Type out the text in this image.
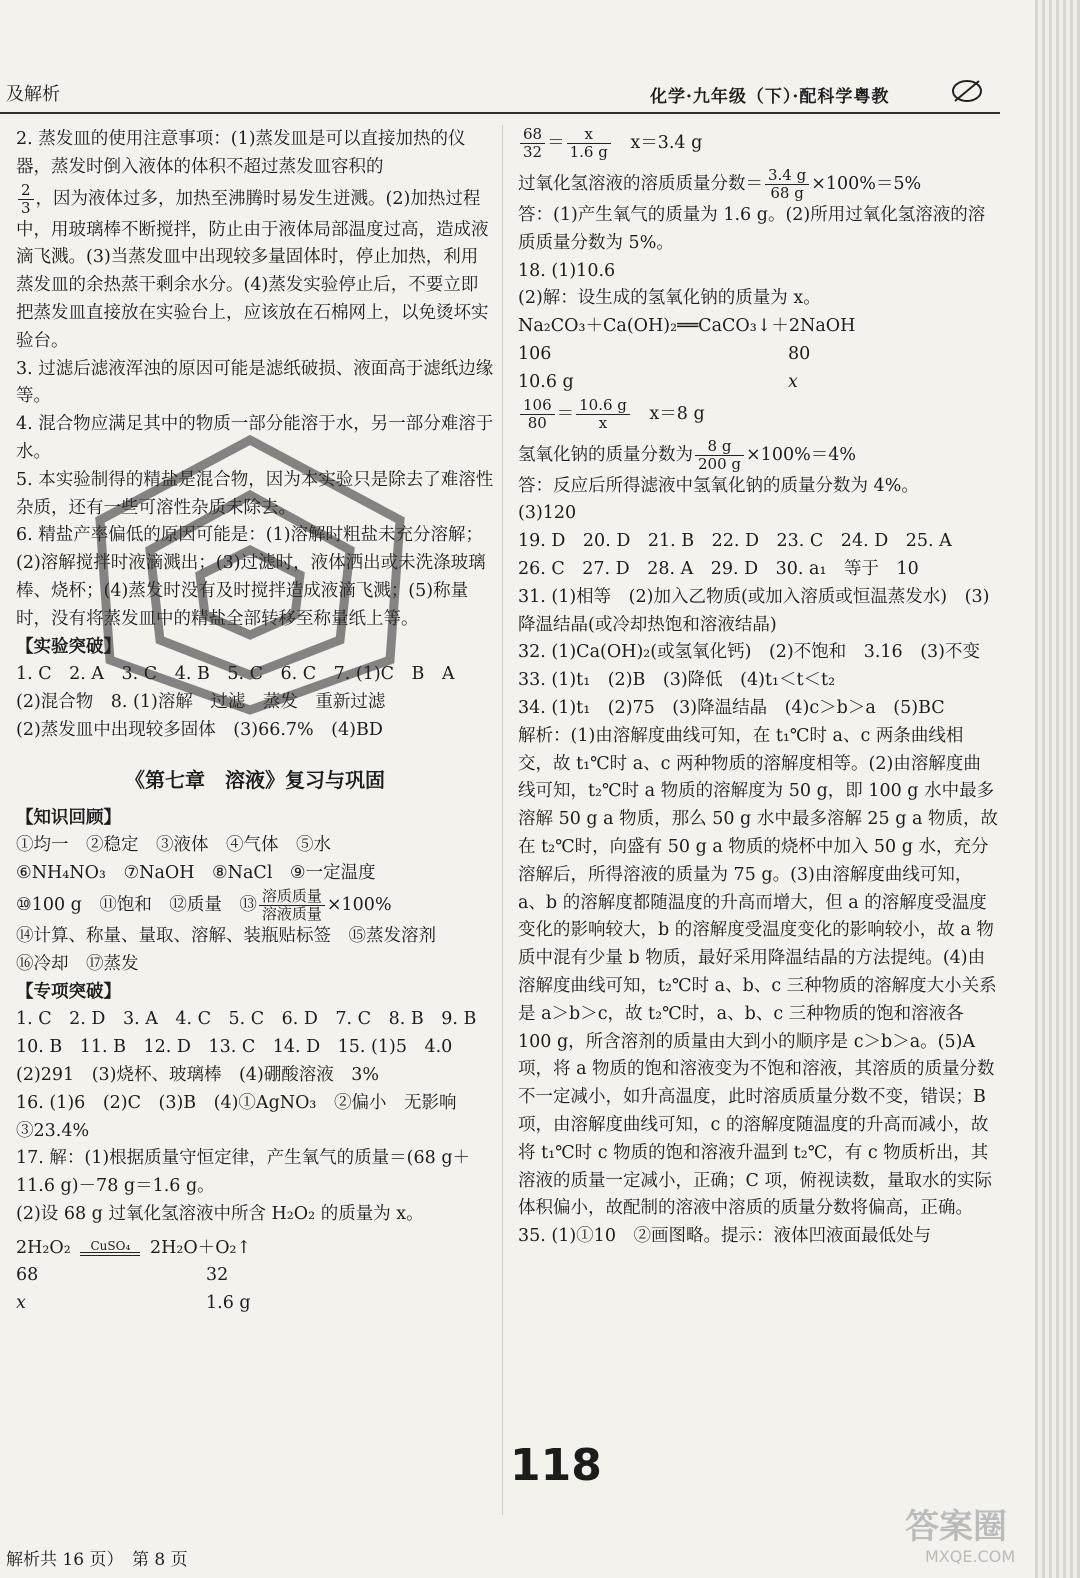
及解析	化学·九年级（下）·配科学粤教

2. 蒸发皿的使用注意事项：(1)蒸发皿是可以直接加热的仪器，蒸发时倒入液体的体积不超过蒸发皿容积的

$\frac{2}{3}$ ，因为液体过多，加热至沸腾时易发生迸溅。(2)加热过程中，用玻璃棒不断搅拌，防止由于液体局部温度过高，造成液滴飞溅。(3)当蒸发皿中出现较多量固体时，停止加热，利用蒸发皿的余热蒸干剩余水分。(4)蒸发实验停止后，不要立即把蒸发皿直接放在实验台上，应该放在石棉网上，以免烫坏实验台。

3. 过滤后滤液浑浊的原因可能是滤纸破损、液面高于滤纸边缘等。

4. 混合物应满足其中的物质一部分能溶于水，另一部分难溶于水。

5. 本实验制得的精盐是混合物，因为本实验只是除去了难溶性杂质，还有一些可溶性杂质未除去。

6. 精盐产率偏低的原因可能是：(1)溶解时粗盐未充分溶解；(2)溶解搅拌时液滴溅出；(3)过滤时，液体洒出或未洗涤玻璃棒、烧杯；(4)蒸发时没有及时搅拌造成液滴飞溅；(5)称量时，没有将蒸发皿中的精盐全部转移至称量纸上等。

【实验突破】

1. C　2. A　3. C　4. B　5. C　6. C　7. (1)C　B　A

(2)混合物　8. (1)溶解　过滤　蒸发　重新过滤

(2)蒸发皿中出现较多固体　(3)66.7%　(4)BD

《第七章　溶液》复习与巩固

【知识回顾】

①均一　②稳定　③液体　④气体　⑤水

⑥NH₄NO₃　⑦NaOH　⑧NaCl　⑨一定温度

⑩100 g　⑪饱和　⑫质量　⑬ $\frac{\text{溶质质量}}{\text{溶液质量}} \times 100\%$

⑭计算、称量、量取、溶解、装瓶贴标签　⑮蒸发溶剂

⑯冷却　⑰蒸发

【专项突破】

1. C　2. D　3. A　4. C　5. C　6. D　7. C　8. B　9. B

10. B　11. B　12. D　13. C　14. D　15. (1)5　4.0

(2)291　(3)烧杯、玻璃棒　(4)硼酸溶液　3%

16. (1)6　(2)C　(3)B　(4)①AgNO₃　②偏小　无影响　③23.4%

17. 解：(1)根据质量守恒定律，产生氧气的质量＝(68 g＋11.6 g)－78 g＝1.6 g。

(2)设 68 g 过氧化氢溶液中所含 H₂O₂ 的质量为 x。

2H₂O₂	CuSO₄	2H₂O＋O₂↑

68	32

x	1.6 g

$\frac{68}{32} = \frac{x}{1.6 g}$
　 x＝3.4 g

过氧化氢溶液的溶质质量分数＝ $\frac{3.4 g}{68 g} \times 100\%=5\%$

答：(1)产生氧气的质量为 1.6 g。(2)所用过氧化氢溶液的溶质质量分数为 5%。

18. (1)10.6

(2)解：设生成的氢氧化钠的质量为 x。

Na₂CO₃＋Ca(OH)₂══CaCO₃↓＋2NaOH

106	80

10.6 g	x

$\frac{106}{80} = \frac{10.6 g}{x}$
　 x＝8 g

氢氧化钠的质量分数为 $\frac{8 g}{200 g} \times 100\%=4\%$

答：反应后所得滤液中氢氧化钠的质量分数为 4%。

(3)120

19. D　20. D　21. B　22. D　23. C　24. D　25. A

26. C　27. D　28. A　29. D　30. a₁　等于　10

31. (1)相等　(2)加入乙物质(或加入溶质或恒温蒸发水)　(3)降温结晶(或冷却热饱和溶液结晶)

32. (1)Ca(OH)₂(或氢氧化钙)　(2)不饱和　3.16　(3)不变

33. (1)t₁　(2)B　(3)降低　(4)t₁＜t＜t₂

34. (1)t₁　(2)75　(3)降温结晶　(4)c＞b＞a　(5)BC

解析：(1)由溶解度曲线可知，在 t₁℃时 a、c 两条曲线相交，故 t₁℃时 a、c 两种物质的溶解度相等。(2)由溶解度曲线可知，t₂℃时 a 物质的溶解度为 50 g，即 100 g 水中最多溶解 50 g a 物质，那么 50 g 水中最多溶解 25 g a 物质，故在 t₂℃时，向盛有 50 g a 物质的烧杯中加入 50 g 水，充分溶解后，所得溶液的质量为 75 g。(3)由溶解度曲线可知，a、b 的溶解度都随温度的升高而增大，但 a 的溶解度受温度变化的影响较大，b 的溶解度受温度变化的影响较小，故 a 物质中混有少量 b 物质，最好采用降温结晶的方法提纯。(4)由溶解度曲线可知，t₂℃时 a、b、c 三种物质的溶解度大小关系是 a＞b＞c，故 t₂℃时，a、b、c 三种物质的饱和溶液各 100 g，所含溶剂的质量由大到小的顺序是 c＞b＞a。(5)A 项，将 a 物质的饱和溶液变为不饱和溶液，其溶质的质量分数不一定减小，如升高温度，此时溶质质量分数不变，错误；B 项，由溶解度曲线可知，c 的溶解度随温度的升高而减小，故将 t₁℃时 c 物质的饱和溶液升温到 t₂℃，有 c 物质析出，其溶液的质量一定减小，正确；C 项，俯视读数，量取水的实际体积偏小，故配制的溶液中溶质的质量分数将偏高，正确。

35. (1)①10　②画图略。提示：液体凹液面最低处与

118
解析共 16 页）　第 8 页
答案圈
MXQE.COM
